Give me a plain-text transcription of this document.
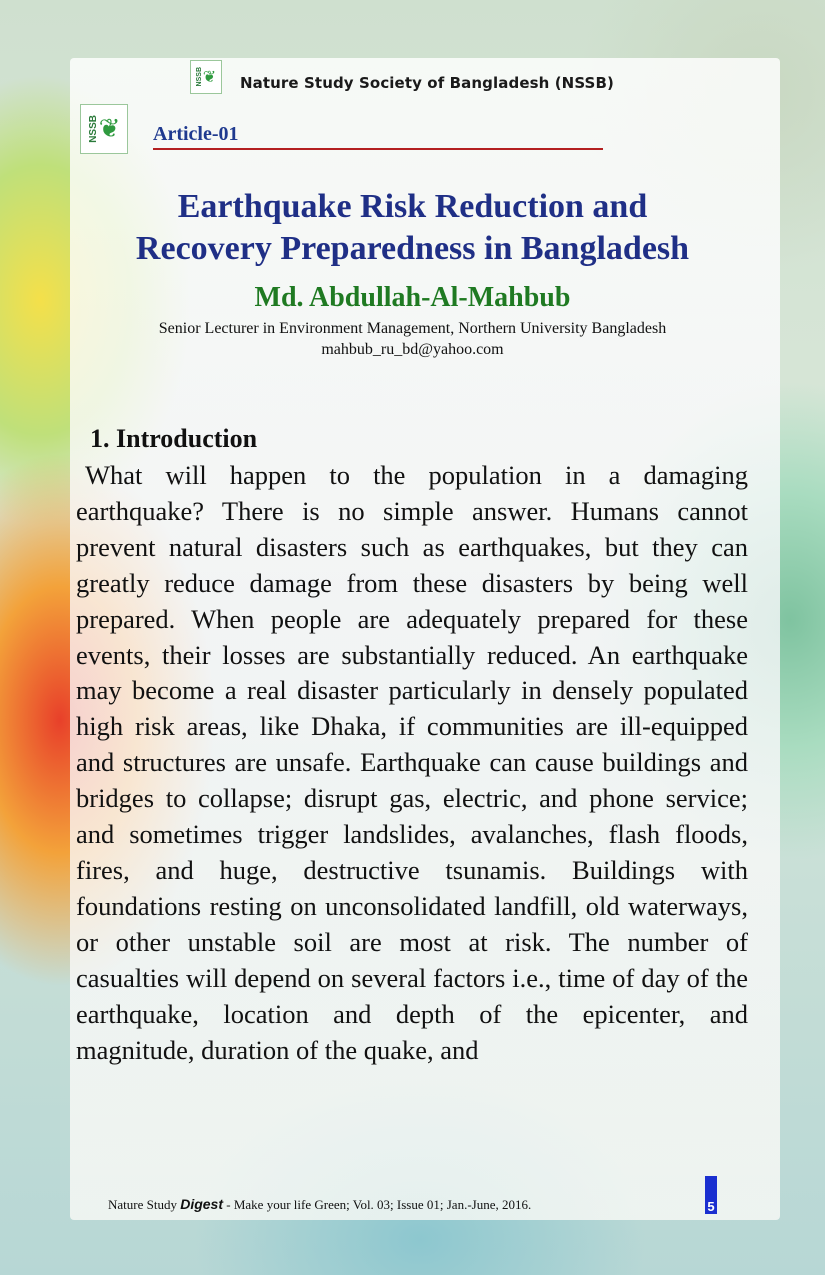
NSSB ❦ Nature Study Society of Bangladesh (NSSB)
NSSB ❦ Article-01
Earthquake Risk Reduction and
Recovery Preparedness in Bangladesh
Md. Abdullah-Al-Mahbub
Senior Lecturer in Environment Management, Northern University Bangladesh
mahbub_ru_bd@yahoo.com
1. Introduction
What will happen to the population in a damaging earthquake? There is no simple answer. Humans cannot prevent natural disasters such as earthquakes, but they can greatly reduce damage from these disasters by being well prepared. When people are adequately prepared for these events, their losses are substantially reduced. An earthquake may become a real disaster particularly in densely populated high risk areas, like Dhaka, if communities are ill-equipped and structures are unsafe. Earthquake can cause buildings and bridges to collapse; disrupt gas, electric, and phone service; and sometimes trigger landslides, avalanches, flash floods, fires, and huge, destructive tsunamis. Buildings with foundations resting on unconsolidated landfill, old waterways, or other unstable soil are most at risk. The number of casualties will depend on several factors i.e., time of day of the earthquake, location and depth of the epicenter, and magnitude, duration of the quake, and
Nature Study Digest - Make your life Green; Vol. 03; Issue 01; Jan.-June, 2016.	5
